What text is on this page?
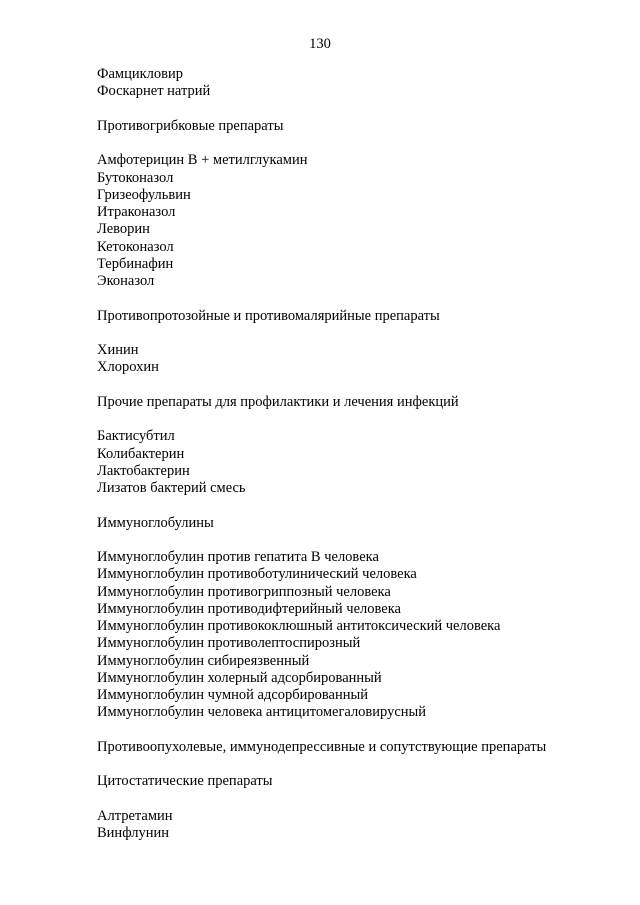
130
Фамцикловир
Фоскарнет натрий
Противогрибковые препараты
Амфотерицин В + метилглукамин
Бутоконазол
Гризеофульвин
Итраконазол
Леворин
Кетоконазол
Тербинафин
Эконазол
Противопротозойные и противомалярийные препараты
Хинин
Хлорохин
Прочие препараты для профилактики и лечения инфекций
Бактисубтил
Колибактерин
Лактобактерин
Лизатов бактерий смесь
Иммуноглобулины
Иммуноглобулин против гепатита В человека
Иммуноглобулин противоботулинический человека
Иммуноглобулин противогриппозный человека
Иммуноглобулин противодифтерийный человека
Иммуноглобулин противококлюшный антитоксический человека
Иммуноглобулин противолептоспирозный
Иммуноглобулин сибиреязвенный
Иммуноглобулин холерный адсорбированный
Иммуноглобулин чумной адсорбированный
Иммуноглобулин человека антицитомегаловирусный
Противоопухолевые, иммунодепрессивные и сопутствующие препараты
Цитостатические препараты
Алтретамин
Винфлунин
